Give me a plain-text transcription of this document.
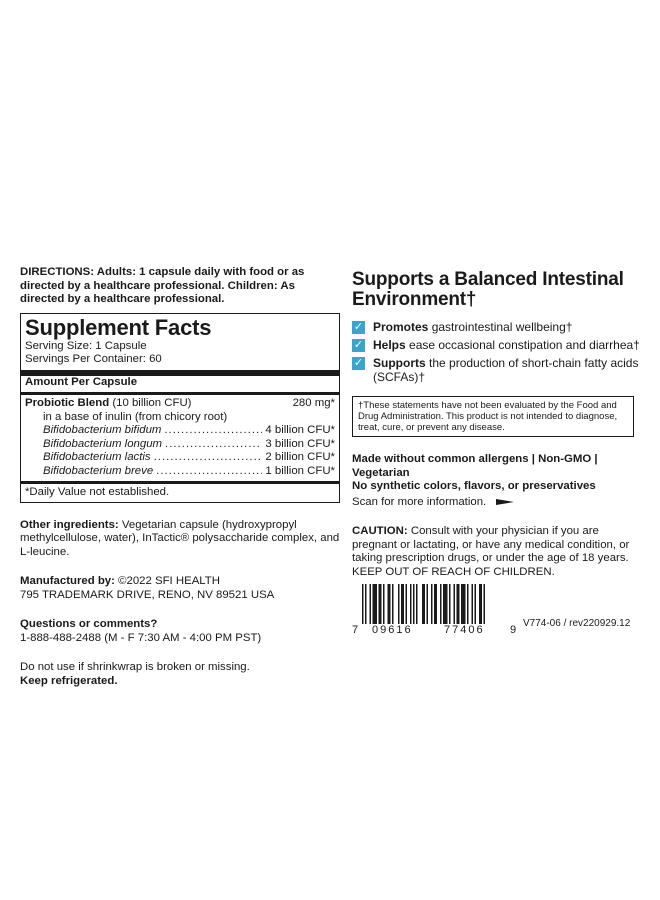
DIRECTIONS: Adults: 1 capsule daily with food or as directed by a healthcare professional. Children: As directed by a healthcare professional.
Supplement Facts
Serving Size: 1 Capsule
Servings Per Container: 60
Amount Per Capsule
Probiotic Blend (10 billion CFU)	280 mg*
in a base of inulin (from chicory root)
Bifidobacterium bifidum .....	4 billion CFU*
Bifidobacterium longum .....	3 billion CFU*
Bifidobacterium lactis .....	2 billion CFU*
Bifidobacterium breve .....	1 billion CFU*
*Daily Value not established.
Other ingredients: Vegetarian capsule (hydroxypropyl methylcellulose, water), InTactic® polysaccharide complex, and L-leucine.
Manufactured by: ©2022 SFI HEALTH
795 TRADEMARK DRIVE, RENO, NV 89521 USA
Questions or comments?
1-888-488-2488 (M - F 7:30 AM - 4:00 PM PST)
Do not use if shrinkwrap is broken or missing.
Keep refrigerated.
Supports a Balanced Intestinal
Environment†
✓ Promotes gastrointestinal wellbeing†
✓ Helps ease occasional constipation and diarrhea†
✓ Supports the production of short-chain fatty acids (SCFAs)†
†These statements have not been evaluated by the Food and Drug Administration. This product is not intended to diagnose, treat, cure, or prevent any disease.
Made without common allergens | Non-GMO | Vegetarian
No synthetic colors, flavors, or preservatives
Scan for more information.
CAUTION: Consult with your physician if you are pregnant or lactating, or have any medical condition, or taking prescription drugs, or under the age of 18 years. KEEP OUT OF REACH OF CHILDREN.
7 09616	77406 9
V774-06 / rev220929.12
